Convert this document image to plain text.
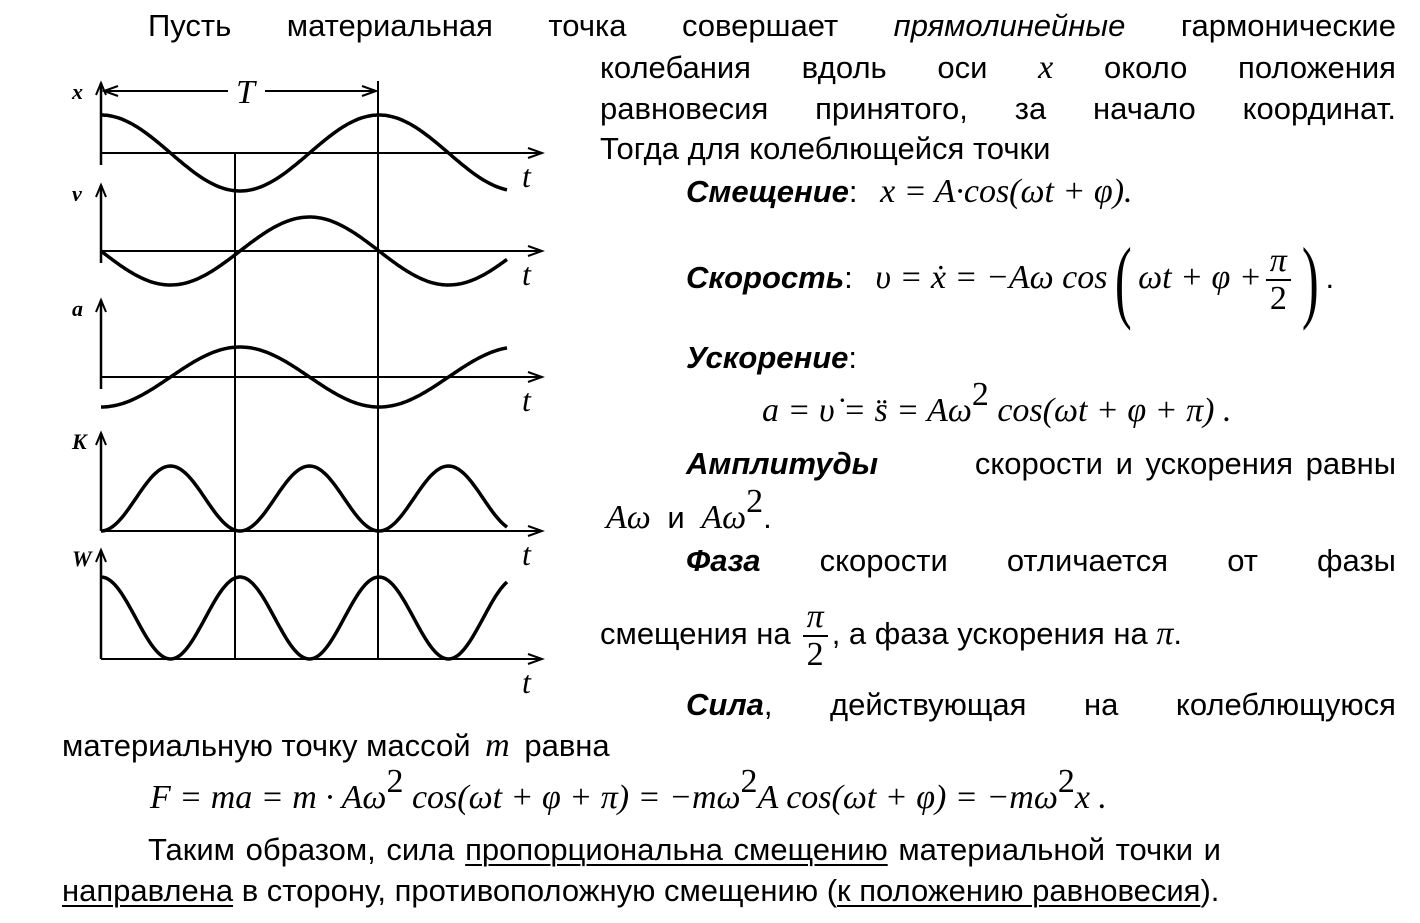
x
t
v
t
a
t
K
t
W
t
T
Пусть материальная точка совершает прямолинейные гармонические
колебания вдоль оси x около положения
равновесия принятого, за начало координат.
Тогда для колеблющейся точки
Смещение: x = A·cos(ωt + φ).
Скорость: υ = ẋ = −Aω cos( $\omega t + \varphi + \frac{\pi}{2}$ ) .
Ускорение:
a = υ̇ = s̈ = $A\omega^2$ cos(ωt + φ + π) .
Амплитуды	скорости и ускорения равны
Aω и $A\omega^2$.
Фаза скорости отличается от фазы
смещения на $\frac{\pi}{2}$ , а фаза ускорения на π.
Сила, действующая на колеблющуюся
материальную точку массой m равна
F = ma = $m \cdot A\omega^2$ $\cos(\omega t + \varphi + \pi) = -m\omega^2A$ $\cos(\omega t + \varphi) = -m\omega^2x$ .
Таким образом, сила пропорциональна смещению материальной точки и
направлена в сторону, противоположную смещению (к положению равновесия).
